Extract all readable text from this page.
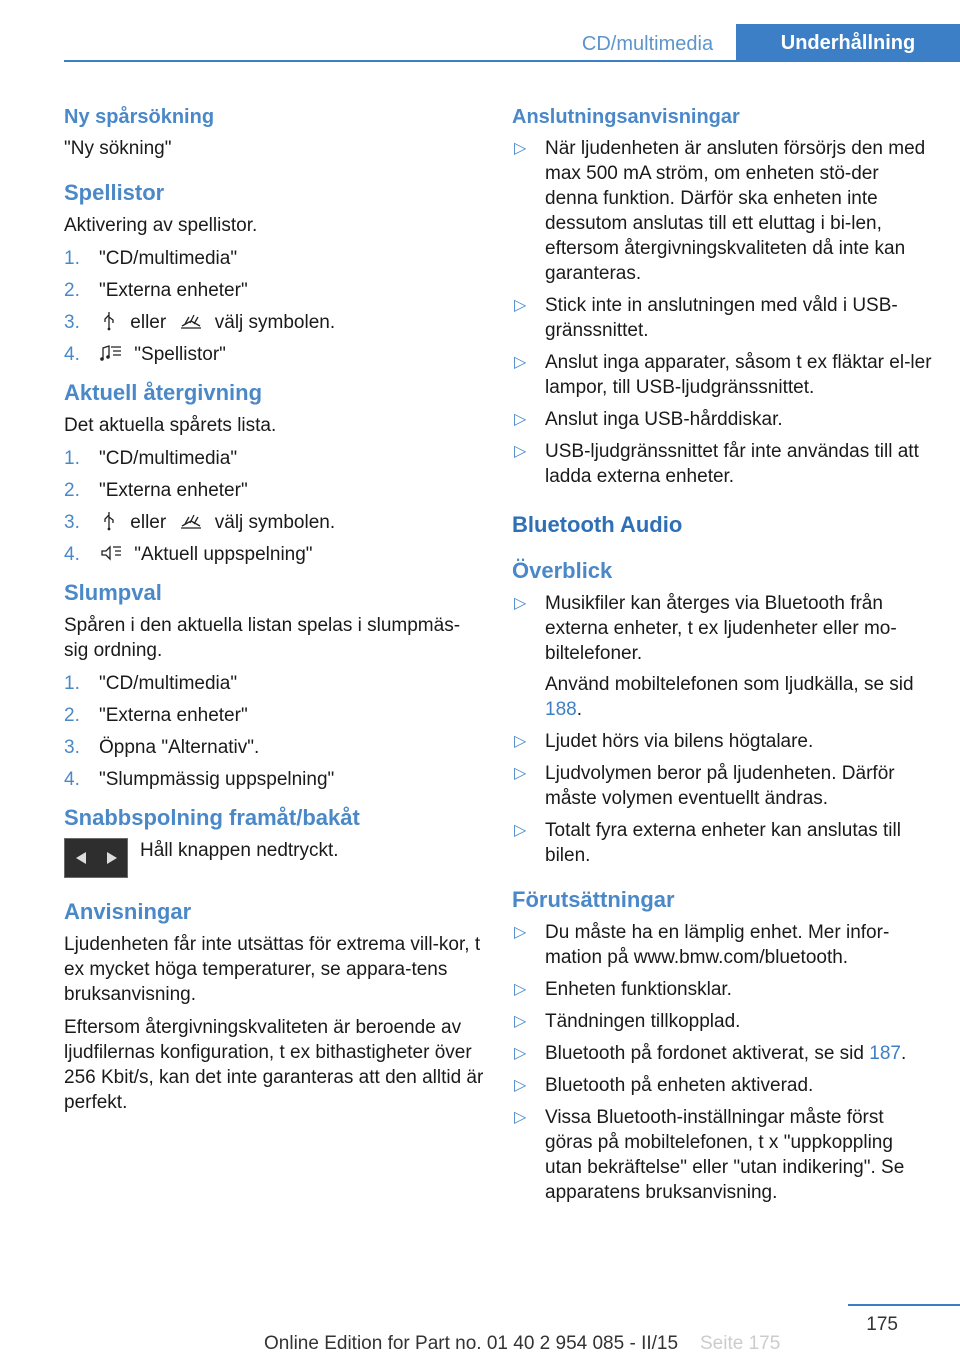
CD/multimedia	Underhållning
Ny spårsökning

"Ny sökning"

Spellistor

Aktivering av spellistor.

1. "CD/multimedia"
2. "Externa enheter"
3.	eller	välj symbolen.
4.	"Spellistor"
Aktuell återgivning

Det aktuella spårets lista.

1. "CD/multimedia"
2. "Externa enheter"
3.	eller	välj symbolen.
4.	"Aktuell uppspelning"
Slumpval

Spåren i den aktuella listan spelas i slumpmäs-sig ordning.

1. "CD/multimedia"
2. "Externa enheter"
3. Öppna "Alternativ".
4. "Slumpmässig uppspelning"
Snabbspolning framåt/bakåt
Håll knappen nedtryckt.
Anvisningar

Ljudenheten får inte utsättas för extrema vill-kor, t ex mycket höga temperaturer, se appara-tens bruksanvisning.

Eftersom återgivningskvaliteten är beroende av ljudfilernas konfiguration, t ex bithastigheter över 256 Kbit/s, kan det inte garanteras att den alltid är perfekt.

Anslutningsanvisningar
▷ När ljudenheten är ansluten försörjs den med max 500 mA ström, om enheten stö-der denna funktion. Därför ska enheten inte dessutom anslutas till ett eluttag i bi-len, eftersom återgivningskvaliteten då inte kan garanteras.
▷ Stick inte in anslutningen med våld i USB-gränssnittet.
▷ Anslut inga apparater, såsom t ex fläktar el-ler lampor, till USB-ljudgränssnittet.
▷ Anslut inga USB-hårddiskar.
▷ USB-ljudgränssnittet får inte användas till att ladda externa enheter.
Bluetooth Audio
Överblick
▷ Musikfiler kan återges via Bluetooth från externa enheter, t ex ljudenheter eller mo-biltelefoner.
Använd mobiltelefonen som ljudkälla, se sid 188.
▷ Ljudet hörs via bilens högtalare.
▷ Ljudvolymen beror på ljudenheten. Därför måste volymen eventuellt ändras.
▷ Totalt fyra externa enheter kan anslutas till bilen.
Förutsättningar
▷ Du måste ha en lämplig enhet. Mer infor-mation på www.bmw.com/bluetooth.
▷ Enheten funktionsklar.
▷ Tändningen tillkopplad.
▷ Bluetooth på fordonet aktiverat, se sid 187.
▷ Bluetooth på enheten aktiverad.
▷ Vissa Bluetooth-inställningar måste först göras på mobiltelefonen, t x "uppkoppling utan bekräftelse" eller "utan indikering". Se apparatens bruksanvisning.
175
Online Edition for Part no. 01 40 2 954 085 - II/15 Seite 175
